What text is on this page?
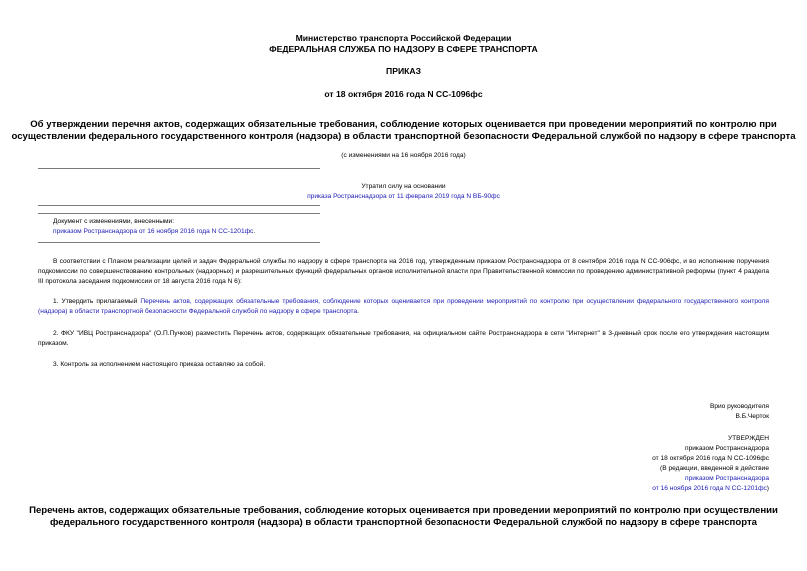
Министерство транспорта Российской Федерации
ФЕДЕРАЛЬНАЯ СЛУЖБА ПО НАДЗОРУ В СФЕРЕ ТРАНСПОРТА
ПРИКАЗ
от 18 октября 2016 года N СС-1096фс
Об утверждении перечня актов, содержащих обязательные требования, соблюдение которых оценивается при проведении мероприятий по контролю при
осуществлении федерального государственного контроля (надзора) в области транспортной безопасности Федеральной службой по надзору в сфере транспорта
(с изменениями на 16 ноября 2016 года)
Утратил силу на основании
приказа Ространснадзора от 11 февраля 2019 года N ВБ-90фс
Документ с изменениями, внесенными:
приказом Ространснадзора от 16 ноября 2016 года N СС-1201фс.
В соответствии с Планом реализации целей и задач Федеральной службы по надзору в сфере транспорта на 2016 год, утвержденным приказом Ространснадзора от 8 сентября 2016 года N СС-906фс, и во исполнение поручения подкомиссии по совершенствованию контрольных (надзорных) и разрешительных функций федеральных органов исполнительной власти при Правительственной комиссии по проведению административной реформы (пункт 4 раздела III протокола заседания подкомиссии от 18 августа 2016 года N 6):
1. Утвердить прилагаемый Перечень актов, содержащих обязательные требования, соблюдение которых оценивается при проведении мероприятий по контролю при осуществлении федерального государственного контроля (надзора) в области транспортной безопасности Федеральной службой по надзору в сфере транспорта.
2. ФКУ "ИВЦ Ространснадзора" (О.П.Пучков) разместить Перечень актов, содержащих обязательные требования, на официальном сайте Ространснадзора в сети "Интернет" в 3-дневный срок после его утверждения настоящим приказом.
3. Контроль за исполнением настоящего приказа оставляю за собой.
Врио руководителя
В.Б.Черток
УТВЕРЖДЕН
приказом Ространснадзора
от 18 октября 2016 года N СС-1096фс
(В редакции, введенной в действие
приказом Ространснадзора
от 16 ноября 2016 года N СС-1201фс)
Перечень актов, содержащих обязательные требования, соблюдение которых оценивается при проведении мероприятий по контролю при осуществлении
федерального государственного контроля (надзора) в области транспортной безопасности Федеральной службой по надзору в сфере транспорта
